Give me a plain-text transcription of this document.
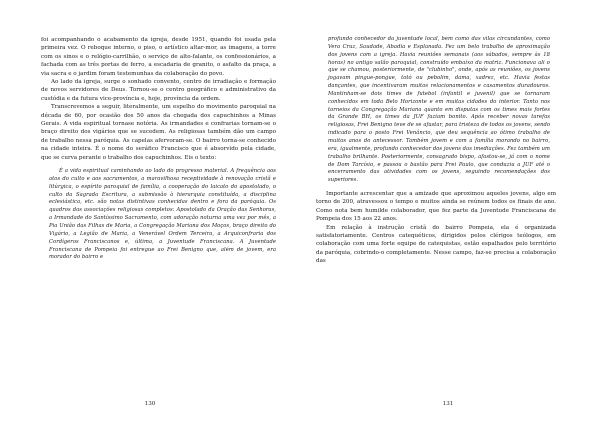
foi acompanhando o acabamento da igreja, desde 1951, quando foi usada pela primeira vez. O reboque interno, o piso, o artístico altar-mor, as imagens, a torre com os sinos e o relógio-carrilhão, o serviço de alto-falante, os confessionários, a fachada com as três portas de ferro, a escadaria de granito, o asfalto da praça, a via sacra e o jardim foram testemunhas da colaboração do povo.

Ao lado da igreja, surge o sonhado convento, centro de irradiação e formação de novos servidores de Deus. Tornou-se o centro geográfico e administrativo da custódia e da futura vice-província e, hoje, província da ordem.

Transcrevemos a seguir, literalmente, um espelho do movimento paroquial na década de 60, por ocasião dos 50 anos da chegada dos capuchinhos a Minas Gerais. A vida espiritual tornase notória. As irmandades e confrarias tornam-se o braço direito dos vigários que se sucedem. As religiosas também dão um campo de trabalho nessa paróquia. As capelas afervoram-se. O bairro torna-se conhecido na cidade inteira. É o nome do seráfico Francisco que é absorvido pela cidade, que se curva perante o trabalho dos capuchinhos. Eis o texto:

É a vida espiritual caminhando ao lado do progresso material. A frequência aos atos do culto e aos sacramentos, a maravilhosa receptividade à renovação cristã e litúrgica, o espírito paroquial de família, a cooperação do laicato do apostolado, o culto da Sagrada Escritura, a submissão à hierarquia constituída, a disciplina eclesiástica, etc. são notas distintivas conhecidas dentro e fora da paróquia. Os quadros das associações religiosas completos: Apostolado da Oração das Senhoras, a Irmandade do Santíssimo Sacramento, com adoração noturna uma vez por mês, a Pia União das Filhas de Maria, a Congregação Mariana dos Moços, braço direito do Vigário, a Legião de Maria, a Venerável Ordem Terceira, a Arquiconfraria dos Cordígeros Franciscanos e, última, a Juventude Franciscana. A Juventude Franciscana de Pompeia foi entregue ao Frei Benigno que, além de jovem, era morador do bairro e

130

profundo conhecedor da juventude local, bem como das vilas circundantes, como Vera Cruz, Saudade, Abadia e Esplanada. Fez um belo trabalho de aproximação dos jovens com a igreja. Havia reuniões semanais (aos sábados, sempre às 18 horas) no antigo salão paroquial, construído embaixo da matriz. Funcionava ali o que se chamou, posteriormente, de "clubinho", onde, após as reuniões, os jovens jogavam pingue-pongue, totó ou pebolim, dama, xadrez, etc. Havia festas dançantes, que incentivaram muitos relacionamentos e casamentos duradouros. Mantinham-se dois times de futebol (infantil e juvenil) que se tornaram conhecidos em toda Belo Horizonte e em muitas cidades do interior. Tanto nos torneios da Congregação Mariana quanto em disputas com os times mais fortes da Grande BH, os times da JUF faziam bonito. Após receber novas tarefas religiosas, Frei Benigno teve de se afastar, para tristeza de todos os jovens, sendo indicado para o posto Frei Venâncio, que deu sequência ao ótimo trabalho de muitos anos do antecessor. Também jovem e com a família morando no bairro, era, igualmente, profundo conhecedor dos jovens das imediações. Fez também um trabalho brilhante. Posteriormente, consagrado bispo, afastou-se, já com o nome de Dom Tarcísio, e passou o bastão para Frei Paulo, que conduziu a JUF até o encerramento das atividades com os jovens, seguindo recomendações dos superiores.

Importante acrescentar que a amizade que aproximou aqueles jovens, algo em torno de 200, atravessou o tempo e muitos ainda se reúnem todos os finais de ano. Como nota bem humilde colaborador, que fez parte da Juventude Franciscana de Pompeia dos 15 aos 22 anos.

Em relação à instrução cristã do bairro Pompeia, ela é organizada satisfatoriamente. Centros catequéticos, dirigidos pelos clérigos teólogos, em colaboração com uma forte equipe de catequistas, estão espalhados pelo território da paróquia, cobrindo-o completamente. Nesse campo, faz-se precisa a colaboração das

131
